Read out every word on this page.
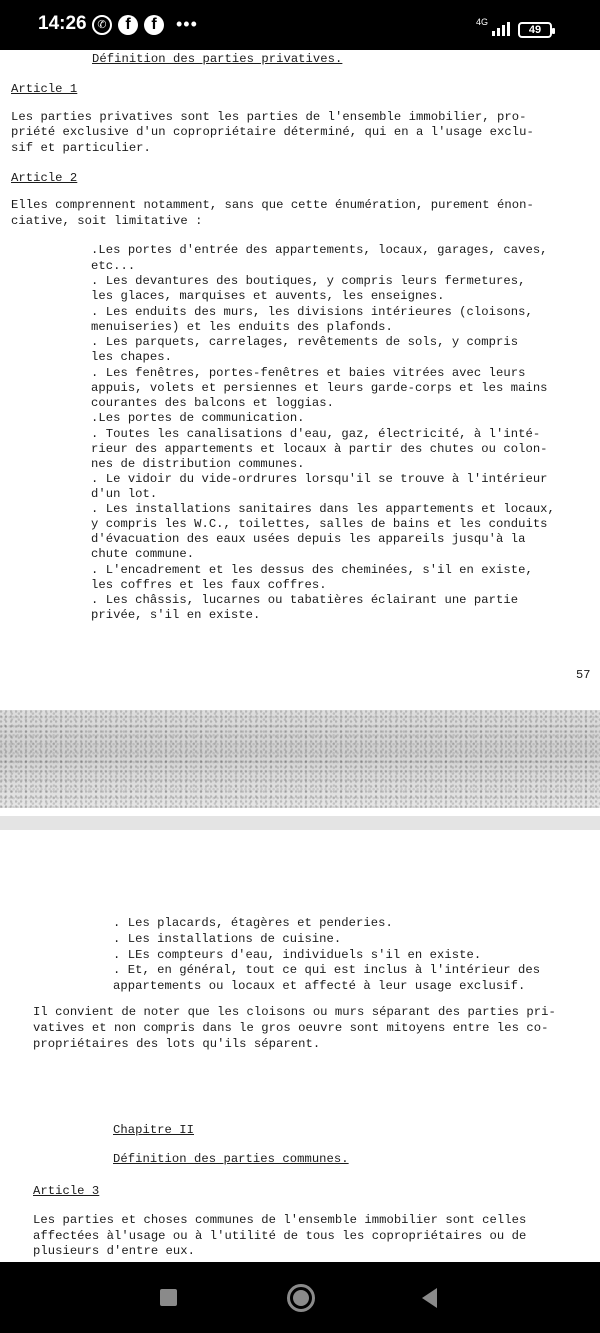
14:26 ✆	f	f	•••	4G
49
Définition des parties privatives.
Article 1
Les parties privatives sont les parties de l'ensemble immobilier, pro-
priété exclusive d'un copropriétaire déterminé, qui en a l'usage exclu-
sif et particulier.
Article 2
Elles comprennent notamment, sans que cette énumération, purement énon-
ciative, soit limitative :
.Les portes d'entrée des appartements, locaux, garages, caves,
etc...
. Les devantures des boutiques, y compris leurs fermetures,
les glaces, marquises et auvents, les enseignes.
. Les enduits des murs, les divisions intérieures (cloisons,
menuiseries) et les enduits des plafonds.
. Les parquets, carrelages, revêtements de sols, y compris
les chapes.
. Les fenêtres, portes-fenêtres et baies vitrées avec leurs
appuis, volets et persiennes et leurs garde-corps et les mains
courantes des balcons et loggias.
.Les portes de communication.
. Toutes les canalisations d'eau, gaz, électricité, à l'inté-
rieur des appartements et locaux à partir des chutes ou colon-
nes de distribution communes.
. Le vidoir du vide-ordrures lorsqu'il se trouve à l'intérieur
d'un lot.
. Les installations sanitaires dans les appartements et locaux,
y compris les W.C., toilettes, salles de bains et les conduits
d'évacuation des eaux usées depuis les appareils jusqu'à la
chute commune.
. L'encadrement et les dessus des cheminées, s'il en existe,
les coffres et les faux coffres.
. Les châssis, lucarnes ou tabatières éclairant une partie
privée, s'il en existe.
57
. Les placards, étagères et penderies.
. Les installations de cuisine.
. LEs compteurs d'eau, individuels s'il en existe.
. Et, en général, tout ce qui est inclus à l'intérieur des
appartements ou locaux et affecté à leur usage exclusif.
Il convient de noter que les cloisons ou murs séparant des parties pri-
vatives et non compris dans le gros oeuvre sont mitoyens entre les co-
propriétaires des lots qu'ils séparent.
Chapitre II
Définition des parties communes.
Article 3
Les parties et choses communes de l'ensemble immobilier sont celles
affectées àl'usage ou à l'utilité de tous les copropriétaires ou de
plusieurs d'entre eux.
